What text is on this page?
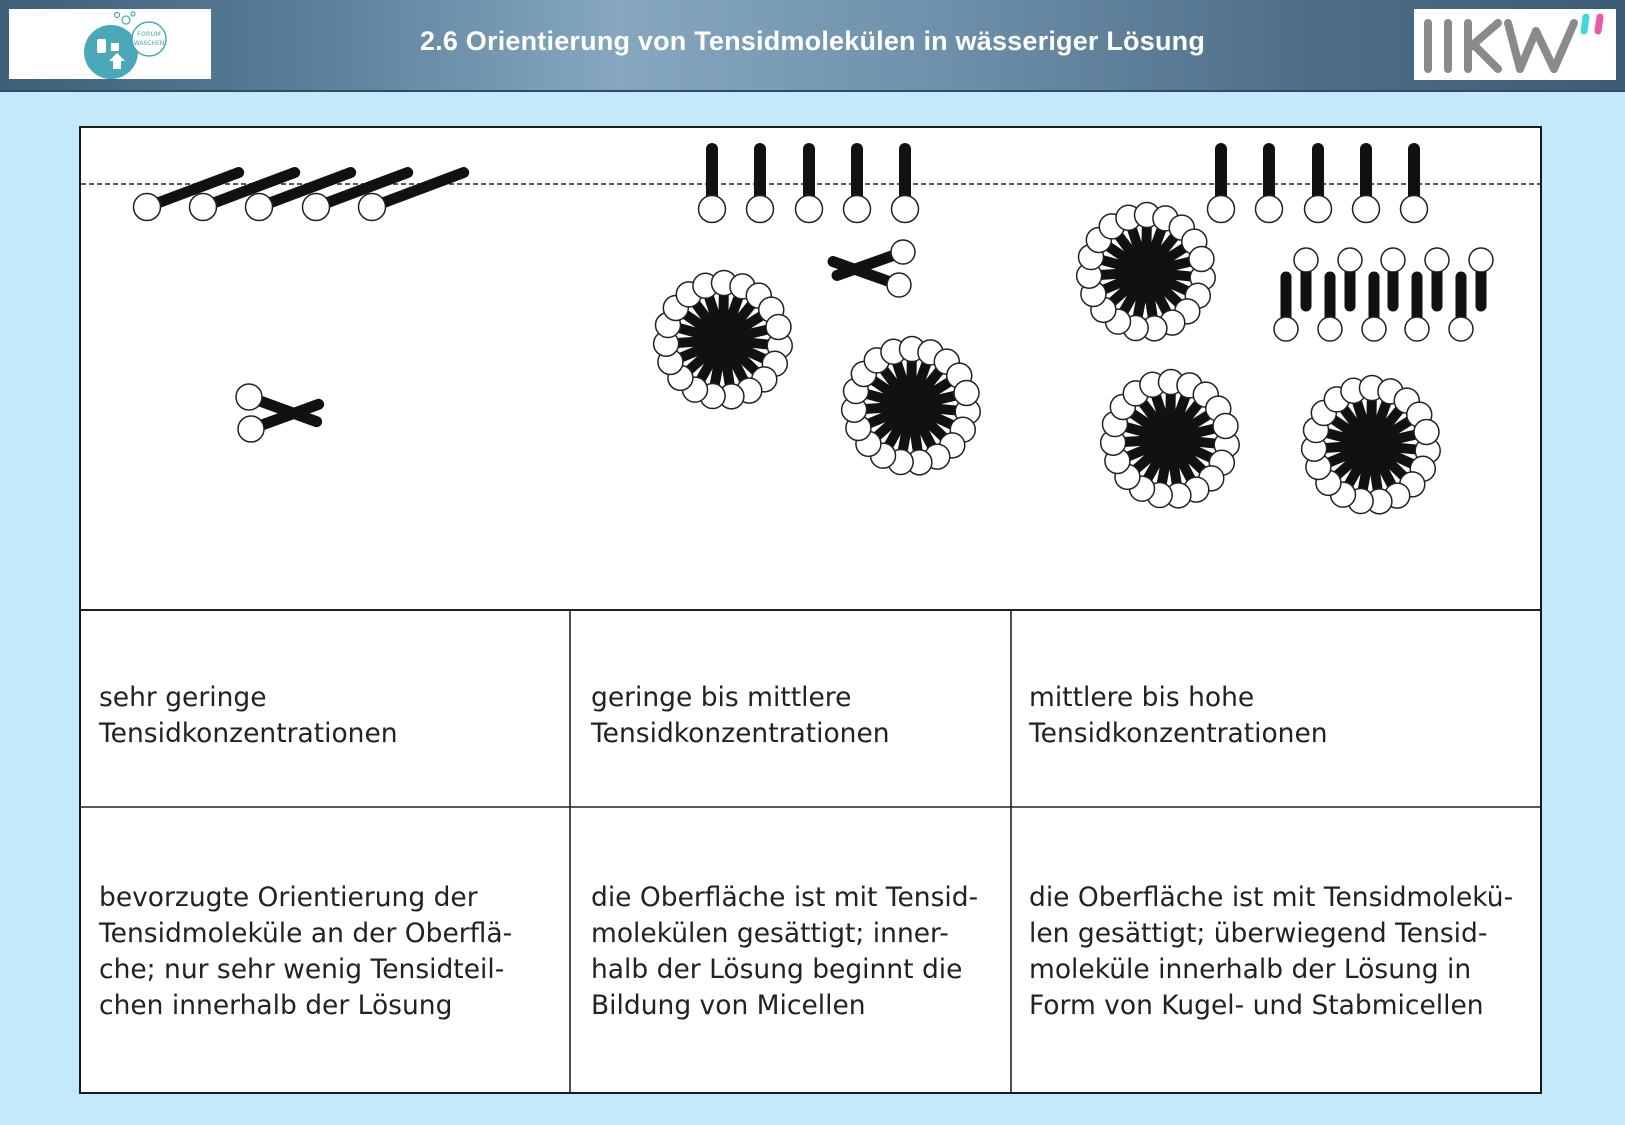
FORUM
WASCHEN	2.6 Orientierung von Tensidmolekülen in wässeriger Lösung
sehr geringe
Tensidkonzentrationen
geringe bis mittlere
Tensidkonzentrationen
mittlere bis hohe
Tensidkonzentrationen
bevorzugte Orientierung der
Tensidmoleküle an der Oberflä-
che; nur sehr wenig Tensidteil-
chen innerhalb der Lösung
die Oberfläche ist mit Tensid-
molekülen gesättigt; inner-
halb der Lösung beginnt die
Bildung von Micellen
die Oberfläche ist mit Tensidmolekü-
len gesättigt; überwiegend Tensid-
moleküle innerhalb der Lösung in
Form von Kugel- und Stabmicellen
